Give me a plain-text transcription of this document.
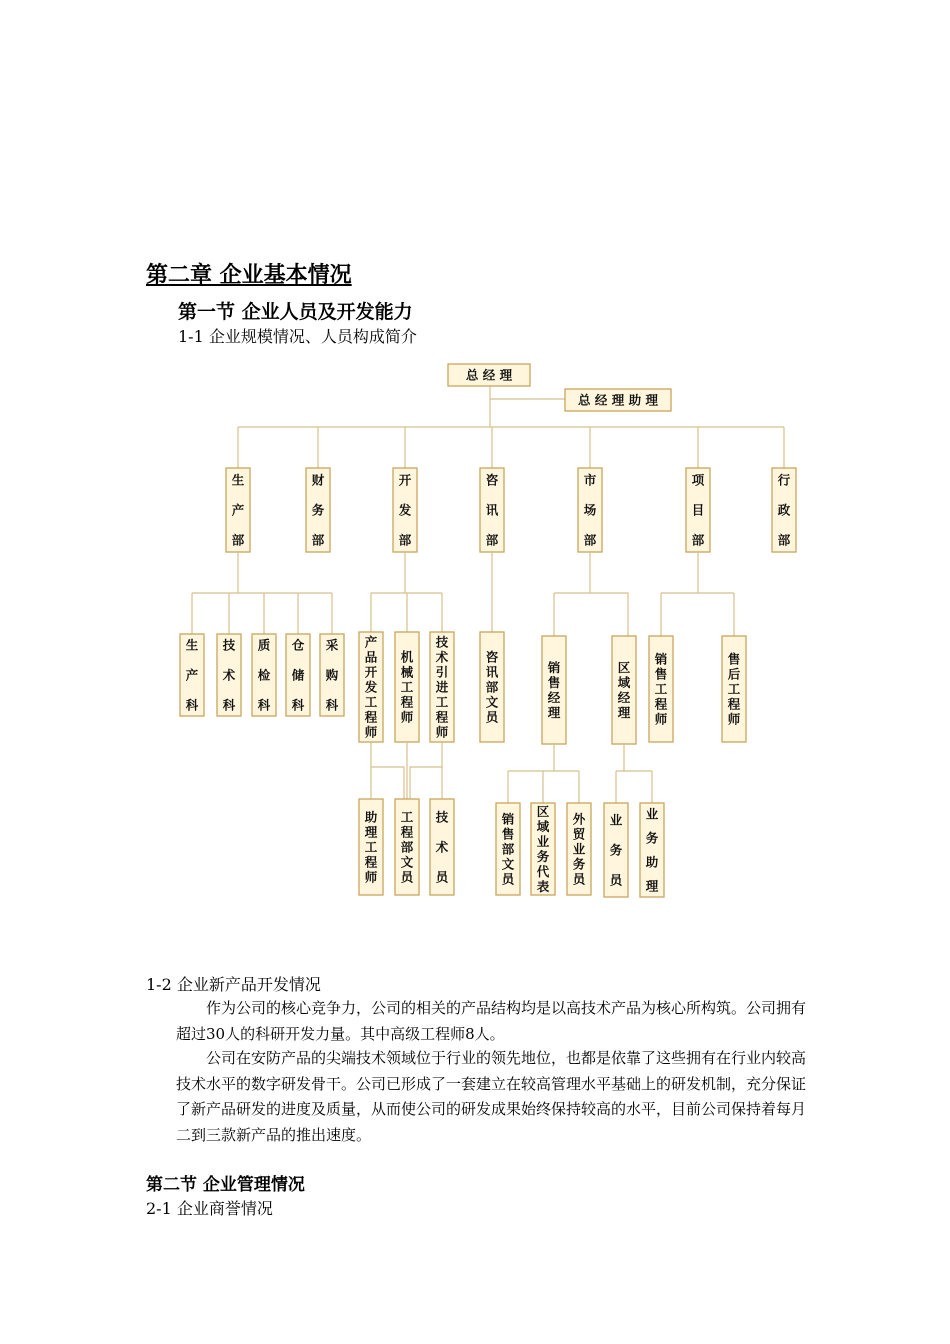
第二章 企业基本情况
第一节 企业人员及开发能力
1-1 企业规模情况、人员构成简介
总 经 理
总 经 理 助 理
生产部
财务部
开发部
咨讯部
市场部
项目部
行政部
生产科
技术科
质检科
仓储科
采购科
产品开发工程师
机械工程师
技术引进工程师
助理工程师
工程部文员
技术员
咨讯部文员
销售经理
区域经理
销售部文员
区域业务代表
外贸业务员
业务员
业务助理
销售工程师
售后工程师
1-2 企业新产品开发情况
作为公司的核心竞争力，公司的相关的产品结构均是以高技术产品为核心所构筑。公司拥有超过30人的科研开发力量。其中高级工程师8人。
公司在安防产品的尖端技术领域位于行业的领先地位，也都是依靠了这些拥有在行业内较高技术水平的数字研发骨干。公司已形成了一套建立在较高管理水平基础上的研发机制，充分保证了新产品研发的进度及质量，从而使公司的研发成果始终保持较高的水平，目前公司保持着每月二到三款新产品的推出速度。
第二节 企业管理情况
2-1 企业商誉情况
